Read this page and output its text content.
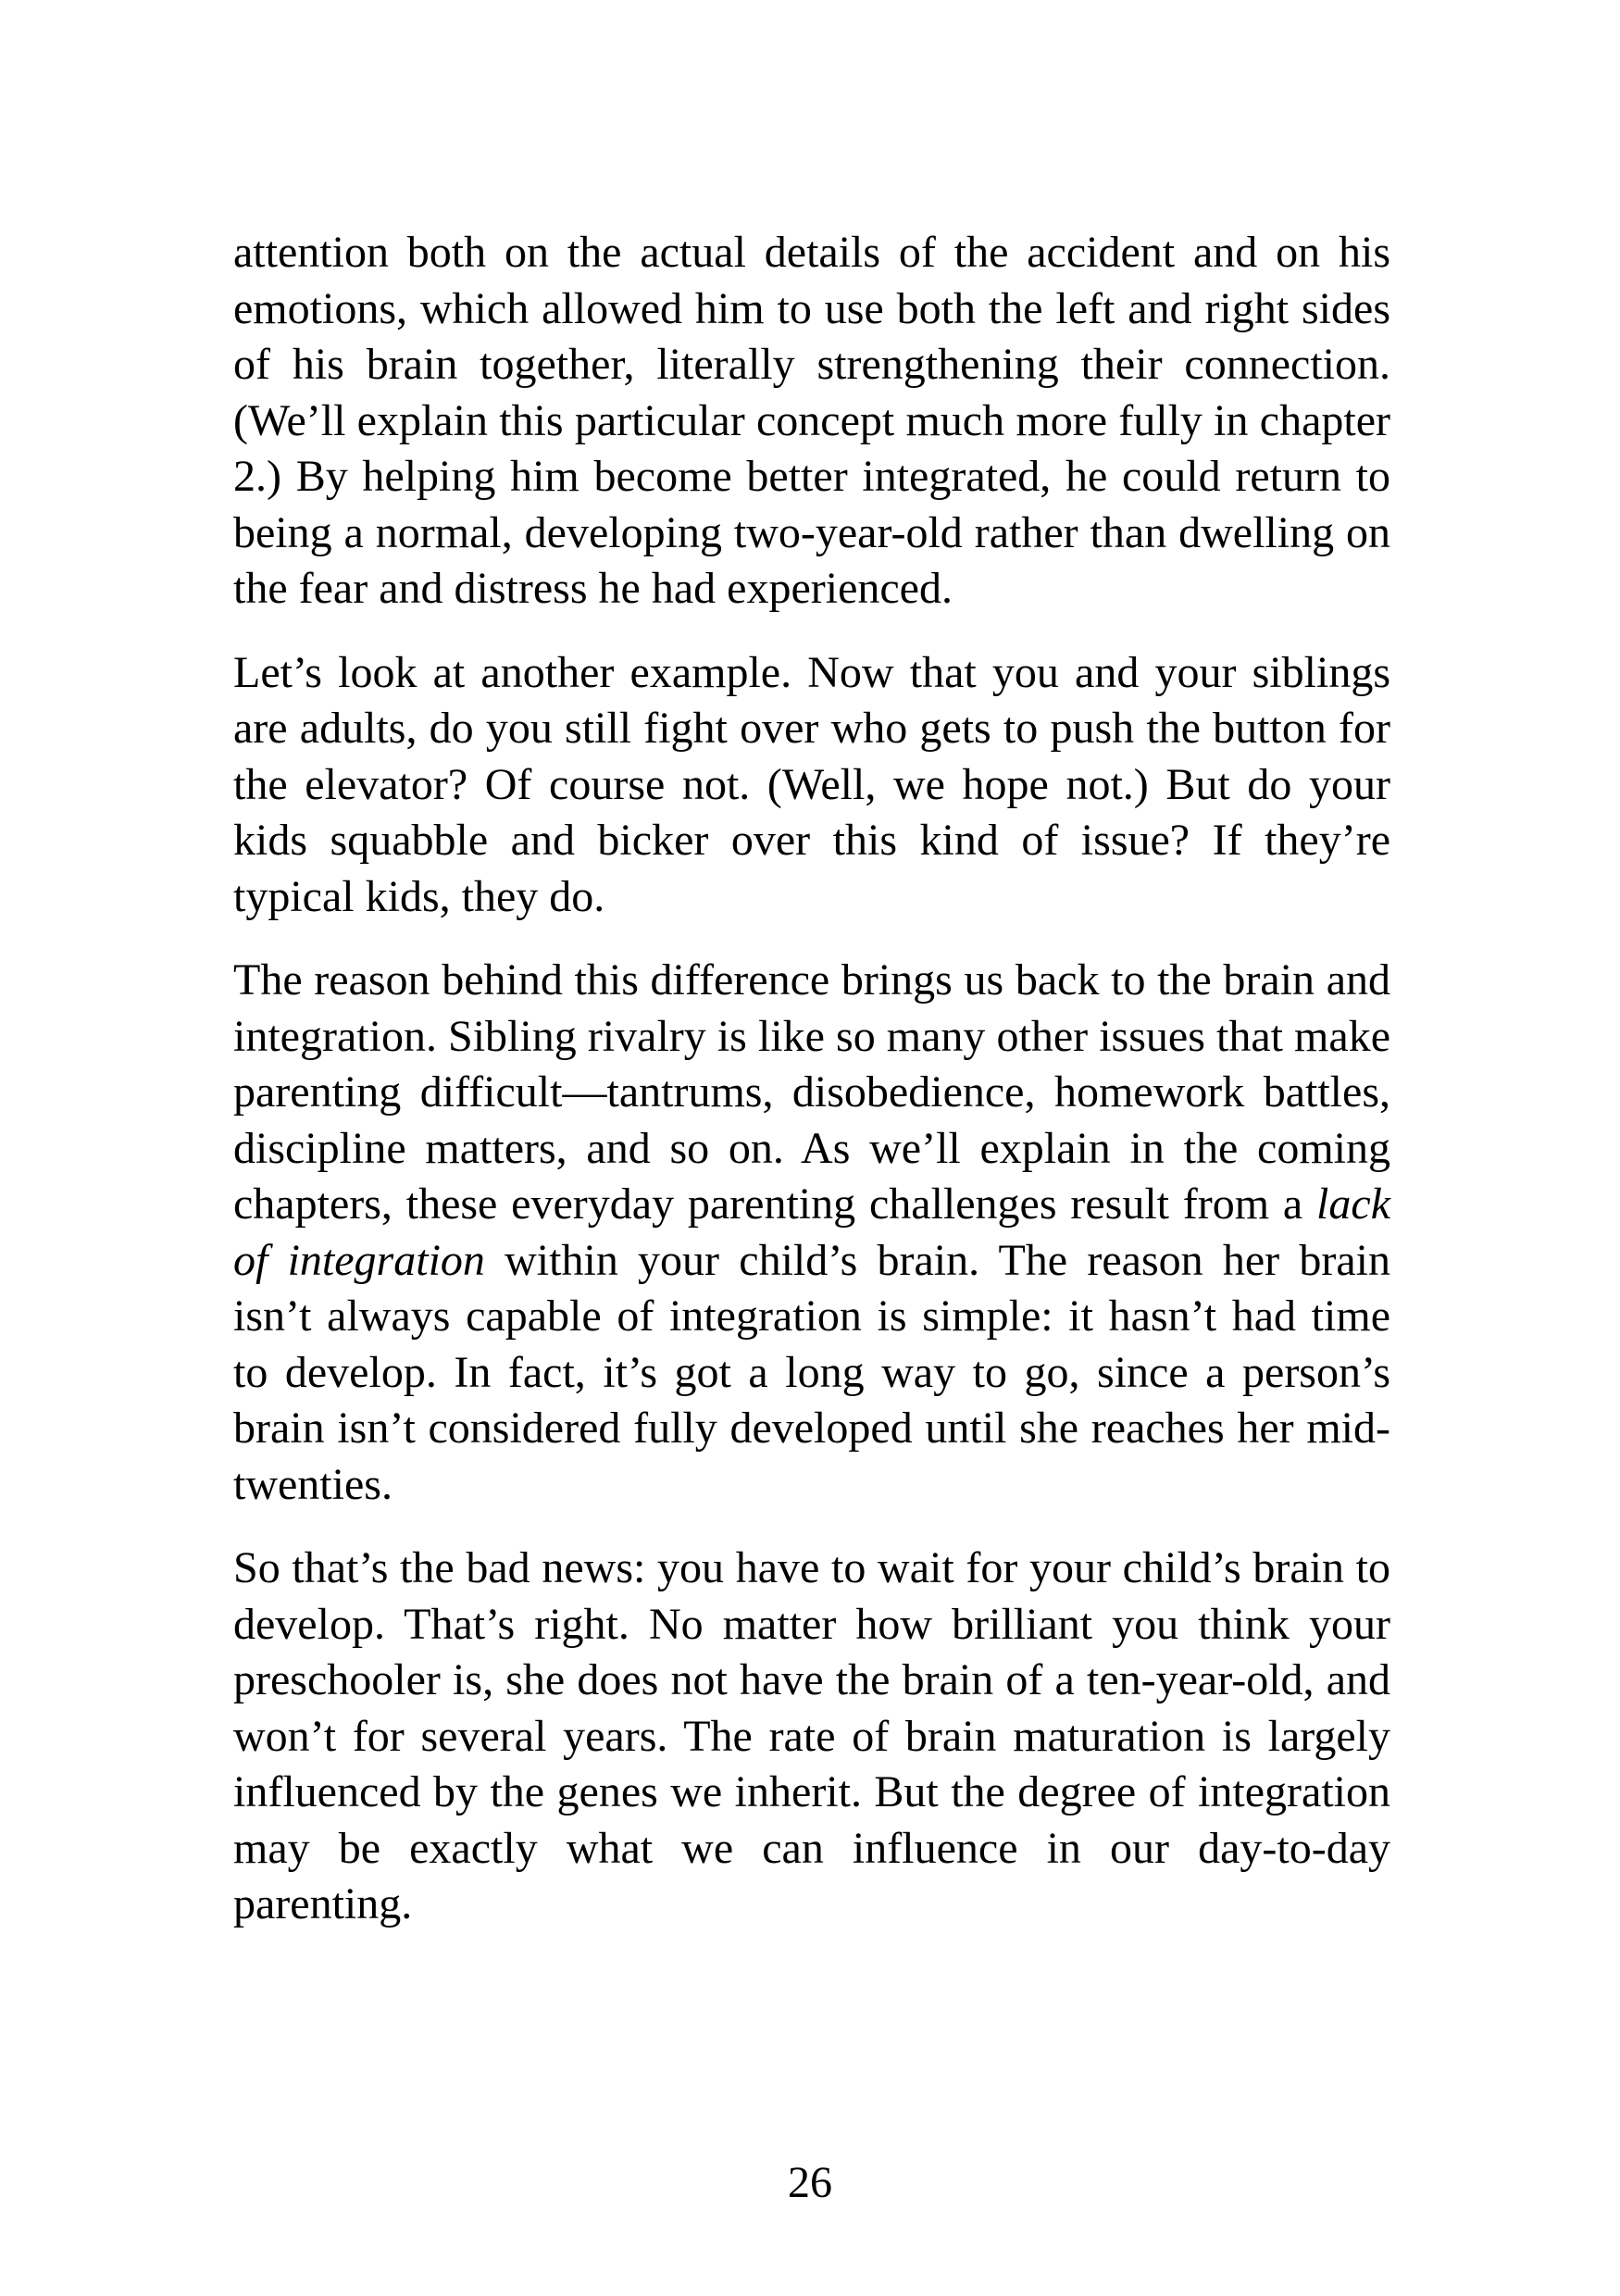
attention both on the actual details of the accident and on his emotions, which allowed him to use both the left and right sides of his brain together, literally strengthening their connection. (We’ll explain this particular concept much more fully in chapter 2.) By helping him become better integrated, he could return to being a normal, developing two-year-old rather than dwelling on the fear and distress he had experienced.

Let’s look at another example. Now that you and your siblings are adults, do you still fight over who gets to push the button for the elevator? Of course not. (Well, we hope not.) But do your kids squabble and bicker over this kind of issue? If they’re typical kids, they do.

The reason behind this difference brings us back to the brain and integration. Sibling rivalry is like so many other issues that make parenting difficult—tantrums, disobedience, homework battles, discipline matters, and so on. As we’ll explain in the coming chapters, these everyday parenting challenges result from a lack of integration within your child’s brain. The reason her brain isn’t always capable of integration is simple: it hasn’t had time to develop. In fact, it’s got a long way to go, since a person’s brain isn’t considered fully developed until she reaches her mid-twenties.

So that’s the bad news: you have to wait for your child’s brain to develop. That’s right. No matter how brilliant you think your preschooler is, she does not have the brain of a ten-year-old, and won’t for several years. The rate of brain maturation is largely influenced by the genes we inherit. But the degree of integration may be exactly what we can influence in our day-to-day parenting.

26
